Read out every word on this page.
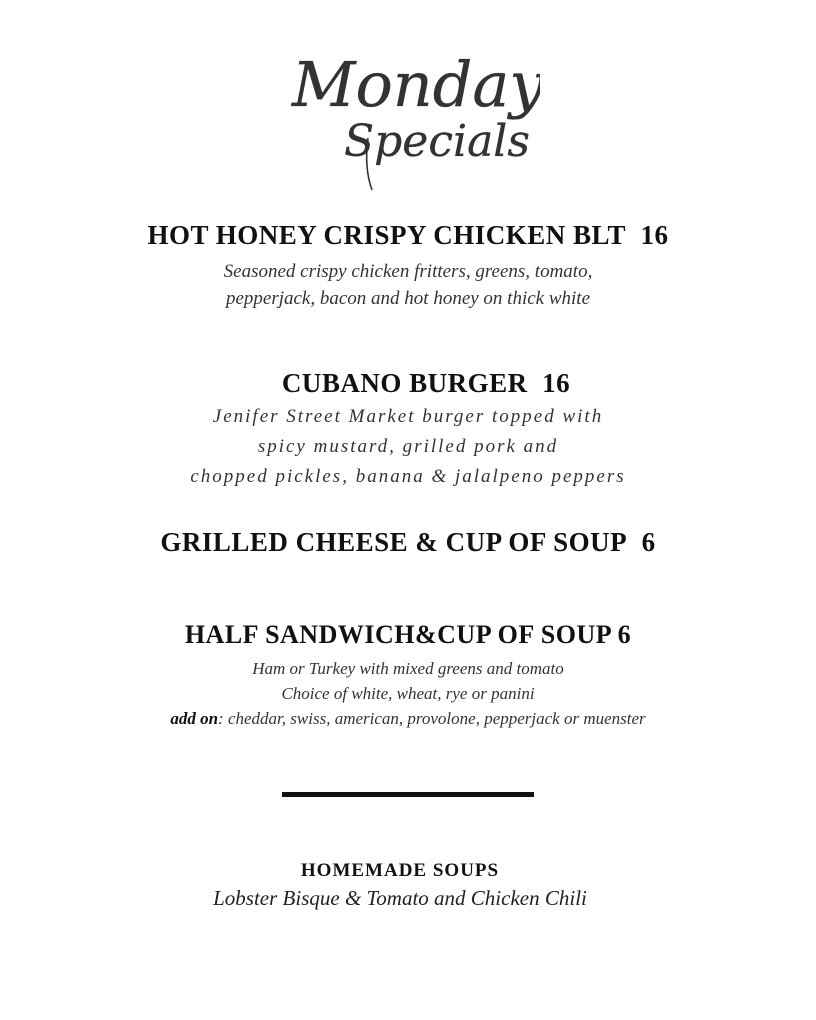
Monday
Specials
HOT HONEY CRISPY CHICKEN BLT 16
Seasoned crispy chicken fritters, greens, tomato,
pepperjack, bacon and hot honey on thick white
CUBANO BURGER 16
Jenifer Street Market burger topped with
spicy mustard, grilled pork and
chopped pickles, banana & jalalpeno peppers
GRILLED CHEESE & CUP OF SOUP 6
HALF SANDWICH&CUP OF SOUP 6
Ham or Turkey with mixed greens and tomato
Choice of white, wheat, rye or panini
add on: cheddar, swiss, american, provolone, pepperjack or muenster
HOMEMADE SOUPS
Lobster Bisque & Tomato and Chicken Chili
